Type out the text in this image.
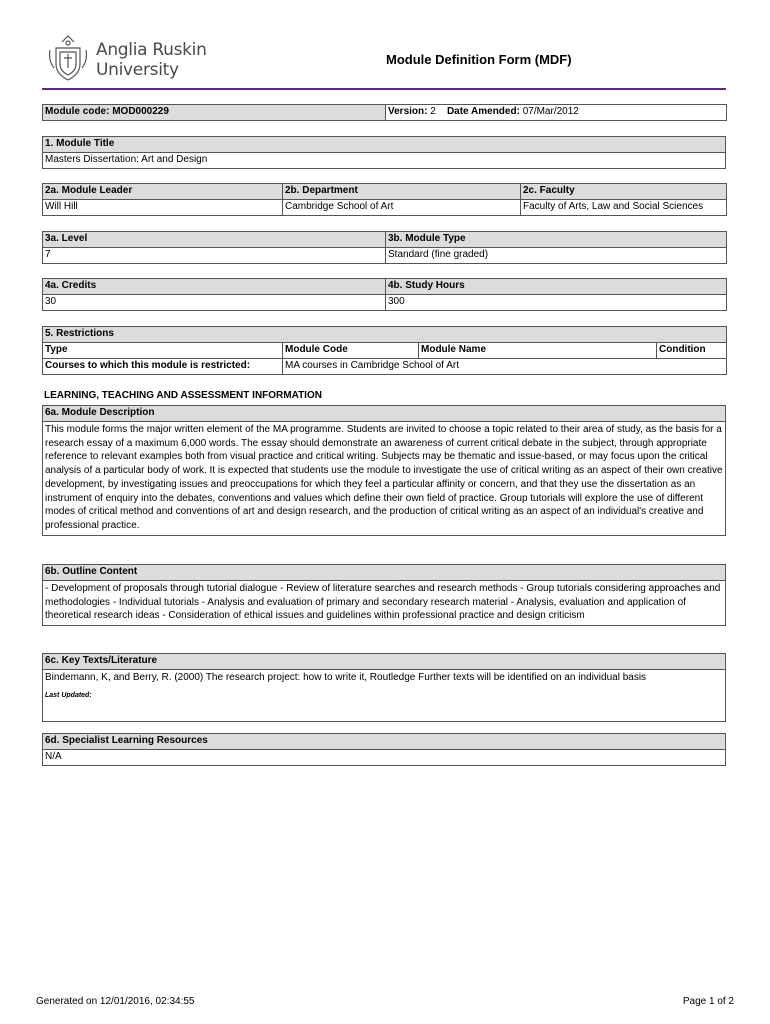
Anglia Ruskin
University
Module Definition Form (MDF)
Module code: MOD000229	Version: 2 Date Amended: 07/Mar/2012
1. Module Title
Masters Dissertation: Art and Design
2a. Module Leader	2b. Department	2c. Faculty
Will Hill	Cambridge School of Art	Faculty of Arts, Law and Social Sciences
3a. Level	3b. Module Type
7	Standard (fine graded)
4a. Credits	4b. Study Hours
30	300
5. Restrictions			
Type	Module Code	Module Name	Condition
Courses to which this module is restricted:	MA courses in Cambridge School of Art		
LEARNING, TEACHING AND ASSESSMENT INFORMATION
6a. Module Description
This module forms the major written element of the MA programme. Students are invited to choose a topic related to their area of study, as the basis for a research essay of a maximum 6,000 words. The essay should demonstrate an awareness of current critical debate in the subject, through appropriate reference to relevant examples both from visual practice and critical writing. Subjects may be thematic and issue-based, or may focus upon the critical analysis of a particular body of work. It is expected that students use the module to investigate the use of critical writing as an aspect of their own creative development, by investigating issues and preoccupations for which they feel a particular affinity or concern, and that they use the dissertation as an instrument of enquiry into the debates, conventions and values which define their own field of practice. Group tutorials will explore the use of different modes of critical method and conventions of art and design research, and the production of critical writing as an aspect of an individual's creative and professional practice.
6b. Outline Content
- Development of proposals through tutorial dialogue - Review of literature searches and research methods - Group tutorials considering approaches and methodologies - Individual tutorials - Analysis and evaluation of primary and secondary research material - Analysis, evaluation and application of theoretical research ideas - Consideration of ethical issues and guidelines within professional practice and design criticism
6c. Key Texts/Literature
Bindemann, K, and Berry, R. (2000) The research project: how to write it, Routledge Further texts will be identified on an individual basis
Last Updated:
6d. Specialist Learning Resources
N/A
Generated on 12/01/2016, 02:34:55	Page 1 of 2
